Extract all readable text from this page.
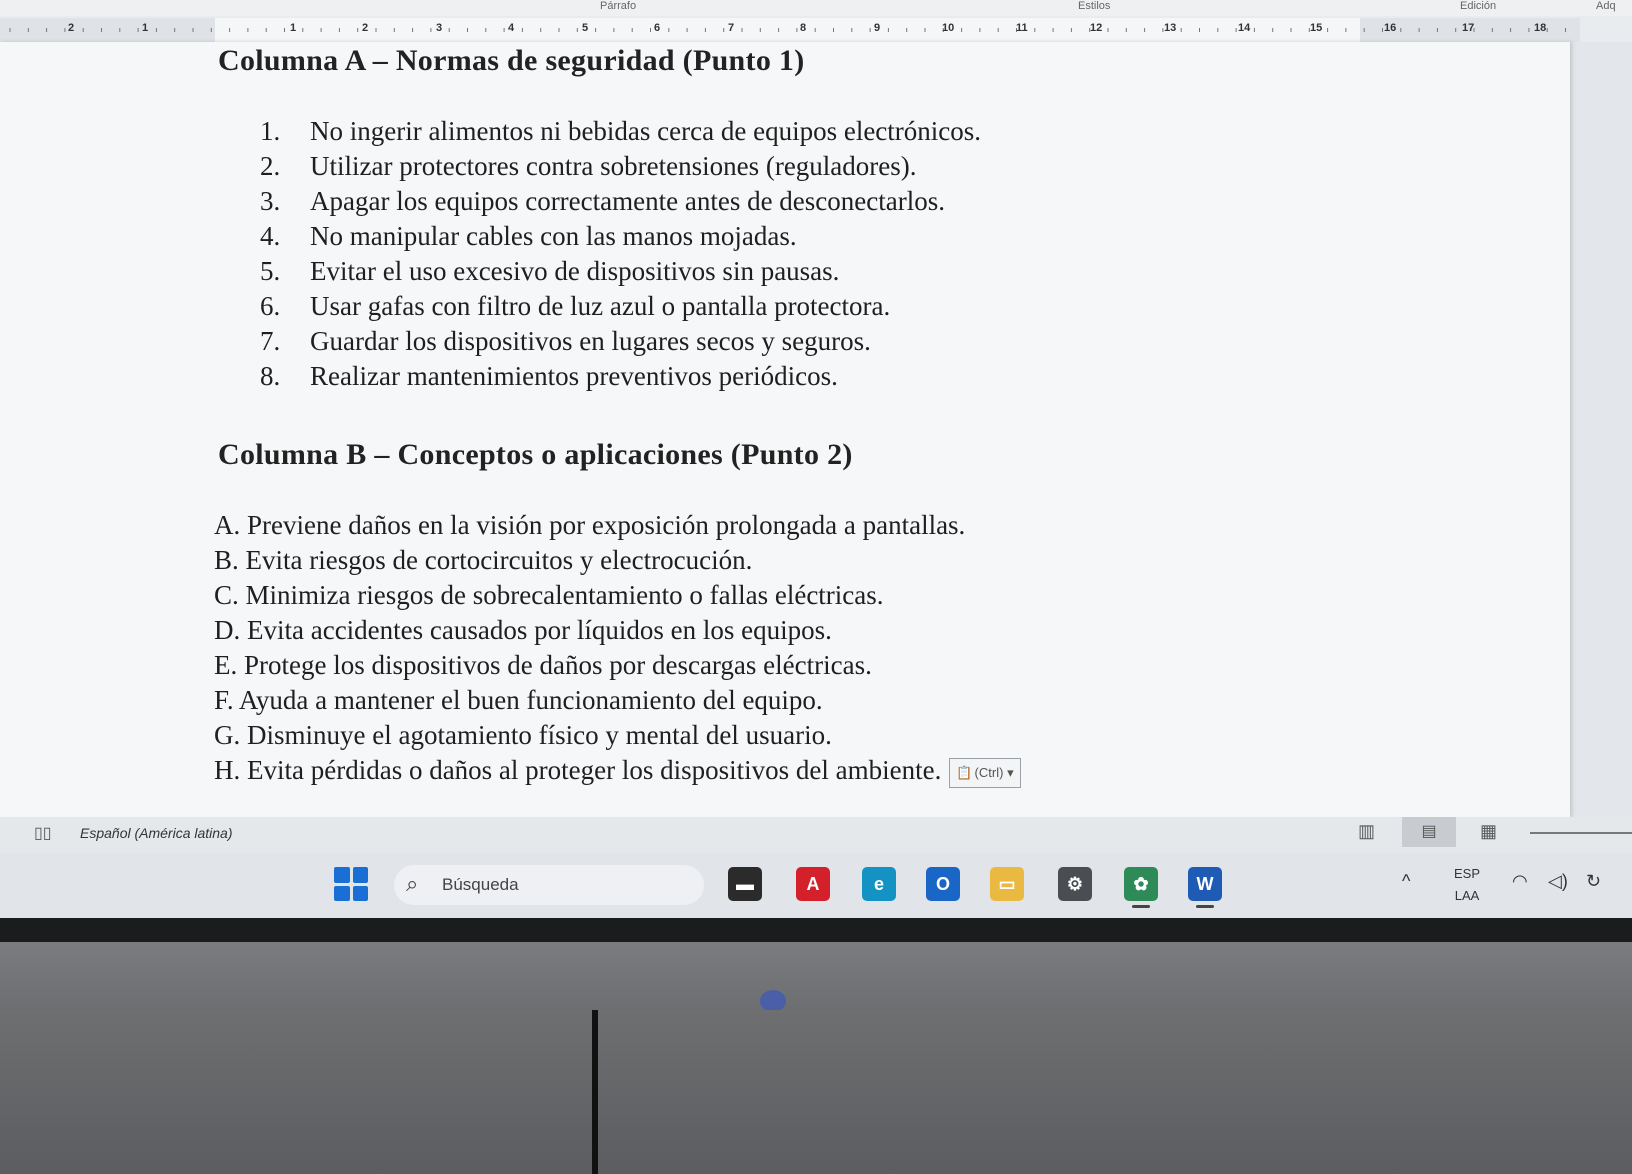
Párrafo	Estilos	Edición	Adq
2	1	1	2	3	4	5	6	7	8	9	10	11	12	13	14	15	16	17	18
Columna A – Normas de seguridad (Punto 1)
1. No ingerir alimentos ni bebidas cerca de equipos electrónicos.
2. Utilizar protectores contra sobretensiones (reguladores).
3. Apagar los equipos correctamente antes de desconectarlos.
4. No manipular cables con las manos mojadas.
5. Evitar el uso excesivo de dispositivos sin pausas.
6. Usar gafas con filtro de luz azul o pantalla protectora.
7. Guardar los dispositivos en lugares secos y seguros.
8. Realizar mantenimientos preventivos periódicos.
Columna B – Conceptos o aplicaciones (Punto 2)
A. Previene daños en la visión por exposición prolongada a pantallas.
B. Evita riesgos de cortocircuitos y electrocución.
C. Minimiza riesgos de sobrecalentamiento o fallas eléctricas.
D. Evita accidentes causados por líquidos en los equipos.
E. Protege los dispositivos de daños por descargas eléctricas.
F. Ayuda a mantener el buen funcionamiento del equipo.
G. Disminuye el agotamiento físico y mental del usuario.
H. Evita pérdidas o daños al proteger los dispositivos del ambiente. 📋 (Ctrl) ▾
▯▯ Español (América latina)	▥	▤	▦
⌕ Búsqueda	▬	A	e	O	▭	⚙	✿	W	^	ESP
LAA
◠ ◁) ↻
